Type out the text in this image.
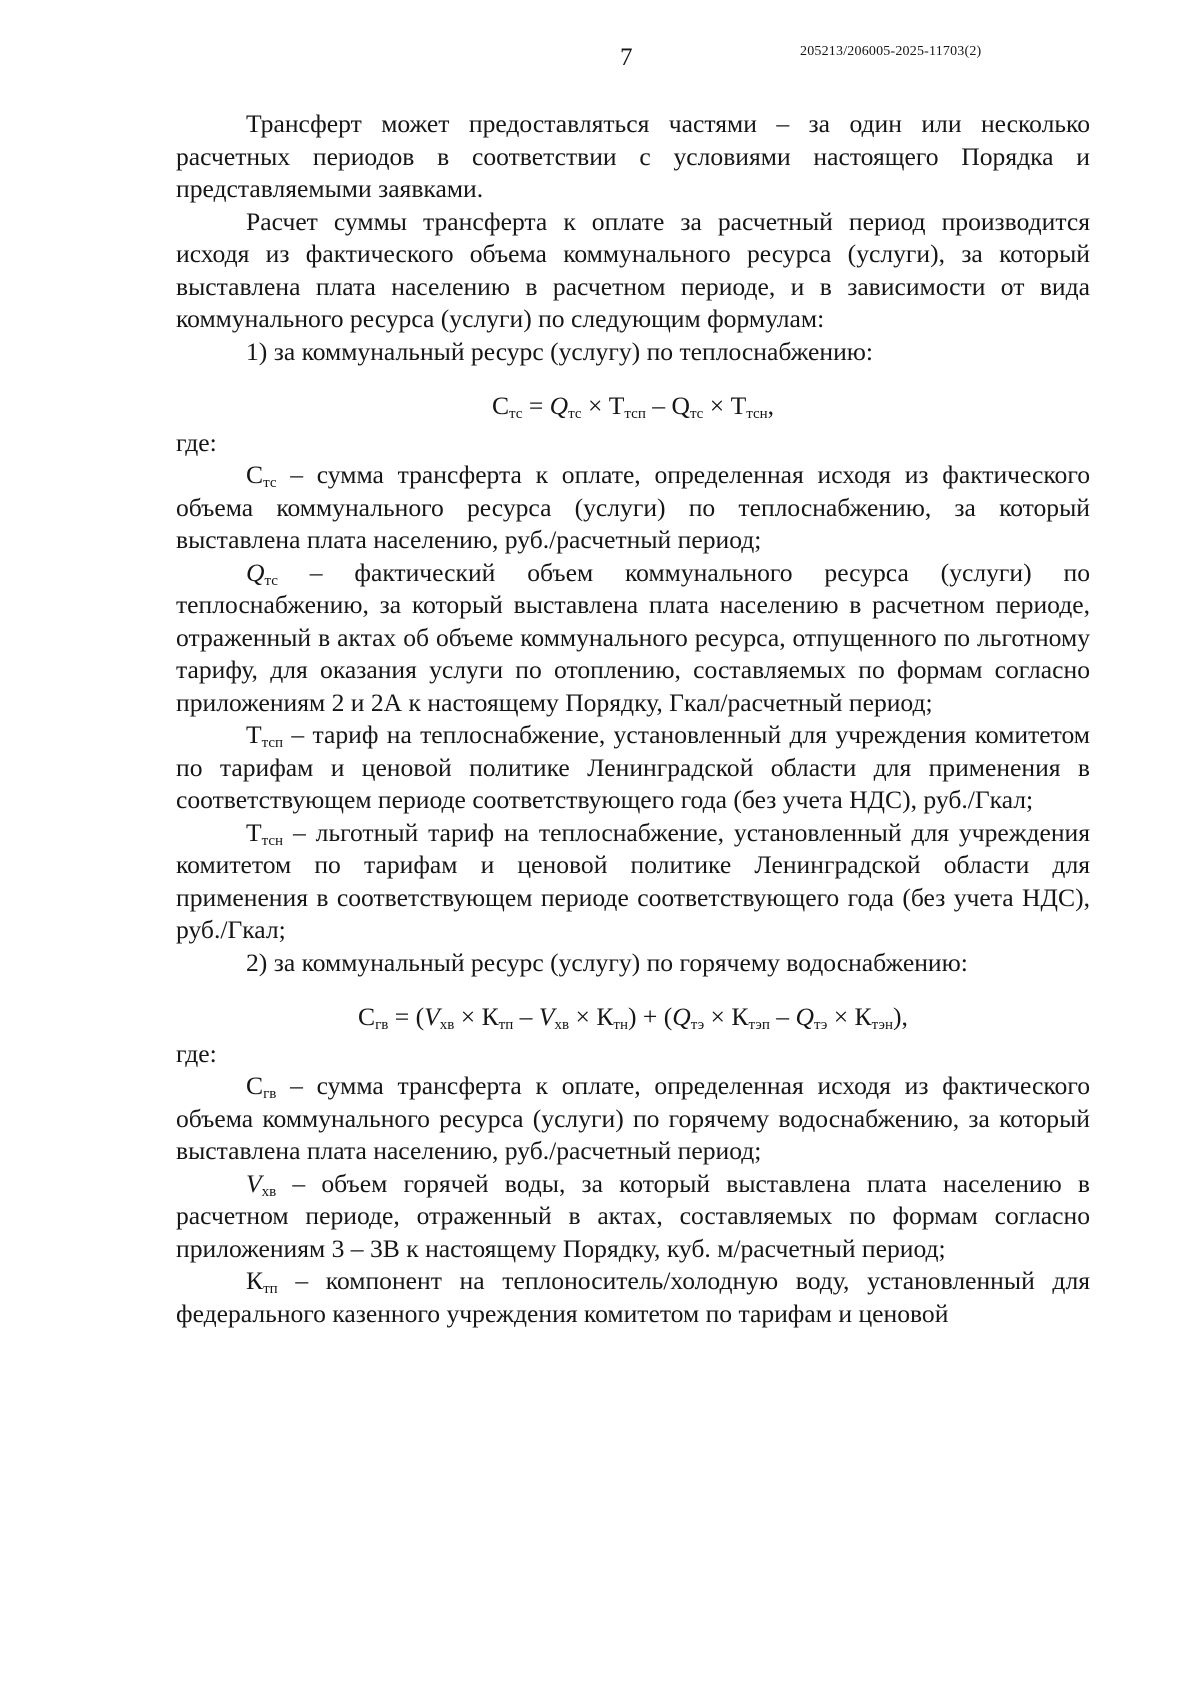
7	205213/206005-2025-11703(2)

Трансферт может предоставляться частями – за один или несколько расчетных периодов в соответствии с условиями настоящего Порядка и представляемыми заявками.

Расчет суммы трансферта к оплате за расчетный период производится исходя из фактического объема коммунального ресурса (услуги), за который выставлена плата населению в расчетном периоде, и в зависимости от вида коммунального ресурса (услуги) по следующим формулам:

1) за коммунальный ресурс (услугу) по теплоснабжению:

$С_{тс} = Q_{тс} \times Т_{тсп} - Q_{тс} \times Т_{тсн}$,

где:

$С_{тс}$ – сумма трансферта к оплате, определенная исходя из фактического объема коммунального ресурса (услуги) по теплоснабжению, за который выставлена плата населению, руб./расчетный период;

$Q_{тс}$ – фактический объем коммунального ресурса (услуги) по теплоснабжению, за который выставлена плата населению в расчетном периоде, отраженный в актах об объеме коммунального ресурса, отпущенного по льготному тарифу, для оказания услуги по отоплению, составляемых по формам согласно приложениям 2 и 2А к настоящему Порядку, Гкал/расчетный период;

$Т_{тсп}$ – тариф на теплоснабжение, установленный для учреждения комитетом по тарифам и ценовой политике Ленинградской области для применения в соответствующем периоде соответствующего года (без учета НДС), руб./Гкал;

$Т_{тсн}$ – льготный тариф на теплоснабжение, установленный для учреждения комитетом по тарифам и ценовой политике Ленинградской области для применения в соответствующем периоде соответствующего года (без учета НДС), руб./Гкал;

2) за коммунальный ресурс (услугу) по горячему водоснабжению:

$С_{гв} = (V_{хв} \times К_{тп} - V_{хв} \times К_{тн}) + (Q_{тэ} \times К_{тэп} - Q_{тэ} \times К_{тэн})$,

где:

$С_{гв}$ – сумма трансферта к оплате, определенная исходя из фактического объема коммунального ресурса (услуги) по горячему водоснабжению, за который выставлена плата населению, руб./расчетный период;

$V_{хв}$ – объем горячей воды, за который выставлена плата населению в расчетном периоде, отраженный в актах, составляемых по формам согласно приложениям 3 – 3В к настоящему Порядку, куб. м/расчетный период;

$К_{тп}$ – компонент на теплоноситель/холодную воду, установленный для федерального казенного учреждения комитетом по тарифам и ценовой
